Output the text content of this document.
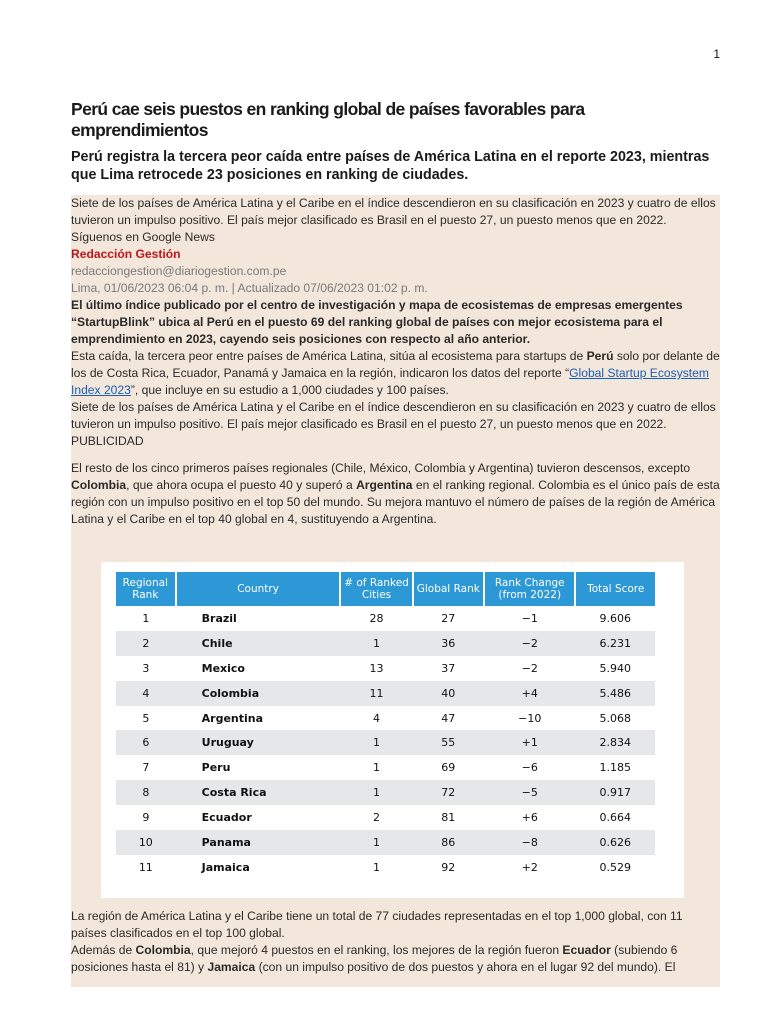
1
Perú cae seis puestos en ranking global de países favorables para emprendimientos
Perú registra la tercera peor caída entre países de América Latina en el reporte 2023, mientras que Lima retrocede 23 posiciones en ranking de ciudades.

Siete de los países de América Latina y el Caribe en el índice descendieron en su clasificación en 2023 y cuatro de ellos tuvieron un impulso positivo. El país mejor clasificado es Brasil en el puesto 27, un puesto menos que en 2022.

Síguenos en Google News

Redacción Gestión

redacciongestion@diariogestion.com.pe

Lima, 01/06/2023 06:04 p. m. | Actualizado 07/06/2023 01:02 p. m.

El último índice publicado por el centro de investigación y mapa de ecosistemas de empresas emergentes “StartupBlink” ubica al Perú en el puesto 69 del ranking global de países con mejor ecosistema para el emprendimiento en 2023, cayendo seis posiciones con respecto al año anterior.

Esta caída, la tercera peor entre países de América Latina, sitúa al ecosistema para startups de Perú solo por delante de los de Costa Rica, Ecuador, Panamá y Jamaica en la región, indicaron los datos del reporte “Global Startup Ecosystem Index 2023”, que incluye en su estudio a 1,000 ciudades y 100 países.

Siete de los países de América Latina y el Caribe en el índice descendieron en su clasificación en 2023 y cuatro de ellos tuvieron un impulso positivo. El país mejor clasificado es Brasil en el puesto 27, un puesto menos que en 2022.

PUBLICIDAD

El resto de los cinco primeros países regionales (Chile, México, Colombia y Argentina) tuvieron descensos, excepto Colombia, que ahora ocupa el puesto 40 y superó a Argentina en el ranking regional. Colombia es el único país de esta región con un impulso positivo en el top 50 del mundo. Su mejora mantuvo el número de países de la región de América Latina y el Caribe en el top 40 global en 4, sustituyendo a Argentina.

Regional Rank	Country	# of Ranked Cities	Global Rank	Rank Change (from 2022)	Total Score
1	Brazil	28	27	−1	9.606
2	Chile	1	36	−2	6.231
3	Mexico	13	37	−2	5.940
4	Colombia	11	40	+4	5.486
5	Argentina	4	47	−10	5.068
6	Uruguay	1	55	+1	2.834
7	Peru	1	69	−6	1.185
8	Costa Rica	1	72	−5	0.917
9	Ecuador	2	81	+6	0.664
10	Panama	1	86	−8	0.626
11	Jamaica	1	92	+2	0.529

La región de América Latina y el Caribe tiene un total de 77 ciudades representadas en el top 1,000 global, con 11 países clasificados en el top 100 global.

Además de Colombia, que mejoró 4 puestos en el ranking, los mejores de la región fueron Ecuador (subiendo 6 posiciones hasta el 81) y Jamaica (con un impulso positivo de dos puestos y ahora en el lugar 92 del mundo). El
